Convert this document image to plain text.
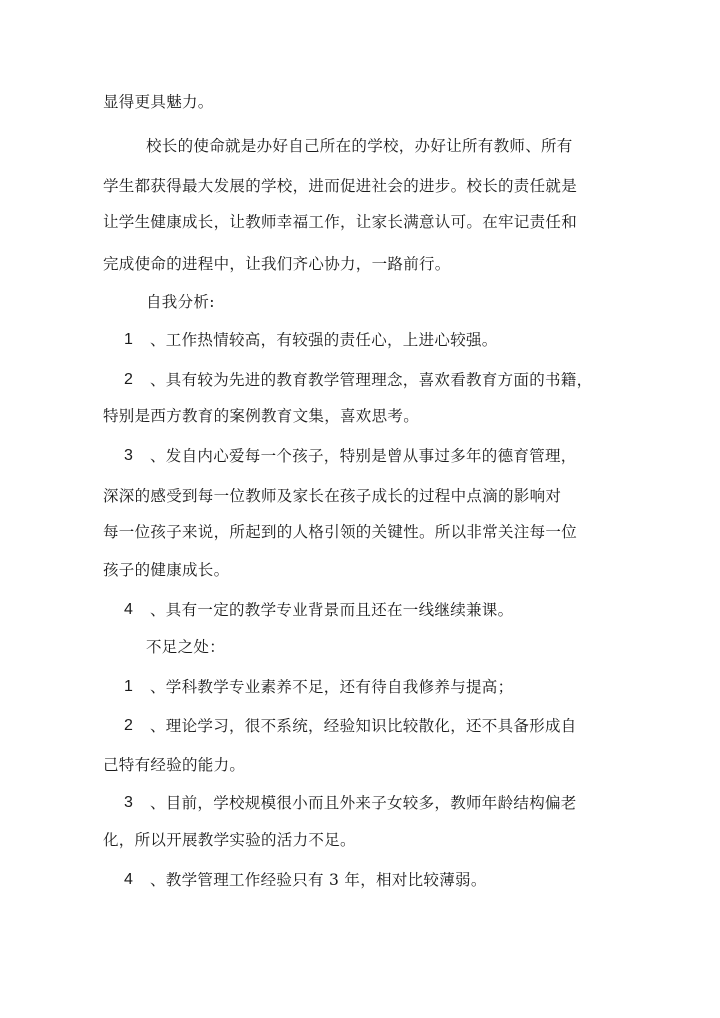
显得更具魅力。
校长的使命就是办好自己所在的学校，办好让所有教师、所有
学生都获得最大发展的学校，进而促进社会的进步。校长的责任就是
让学生健康成长，让教师幸福工作，让家长满意认可。在牢记责任和
完成使命的进程中，让我们齐心协力，一路前行。
自我分析:
1 、工作热情较高，有较强的责任心，上进心较强。
2 、具有较为先进的教育教学管理理念，喜欢看教育方面的书籍，
特别是西方教育的案例教育文集，喜欢思考。
3 、发自内心爱每一个孩子，特别是曾从事过多年的德育管理，
深深的感受到每一位教师及家长在孩子成长的过程中点滴的影响对
每一位孩子来说，所起到的人格引领的关键性。所以非常关注每一位
孩子的健康成长。
4 、具有一定的教学专业背景而且还在一线继续兼课。
不足之处：
1 、学科教学专业素养不足，还有待自我修养与提高；
2 、理论学习，很不系统，经验知识比较散化，还不具备形成自
己特有经验的能力。
3 、目前，学校规模很小而且外来子女较多，教师年龄结构偏老
化，所以开展教学实验的活力不足。
4 、教学管理工作经验只有 3 年，相对比较薄弱。
